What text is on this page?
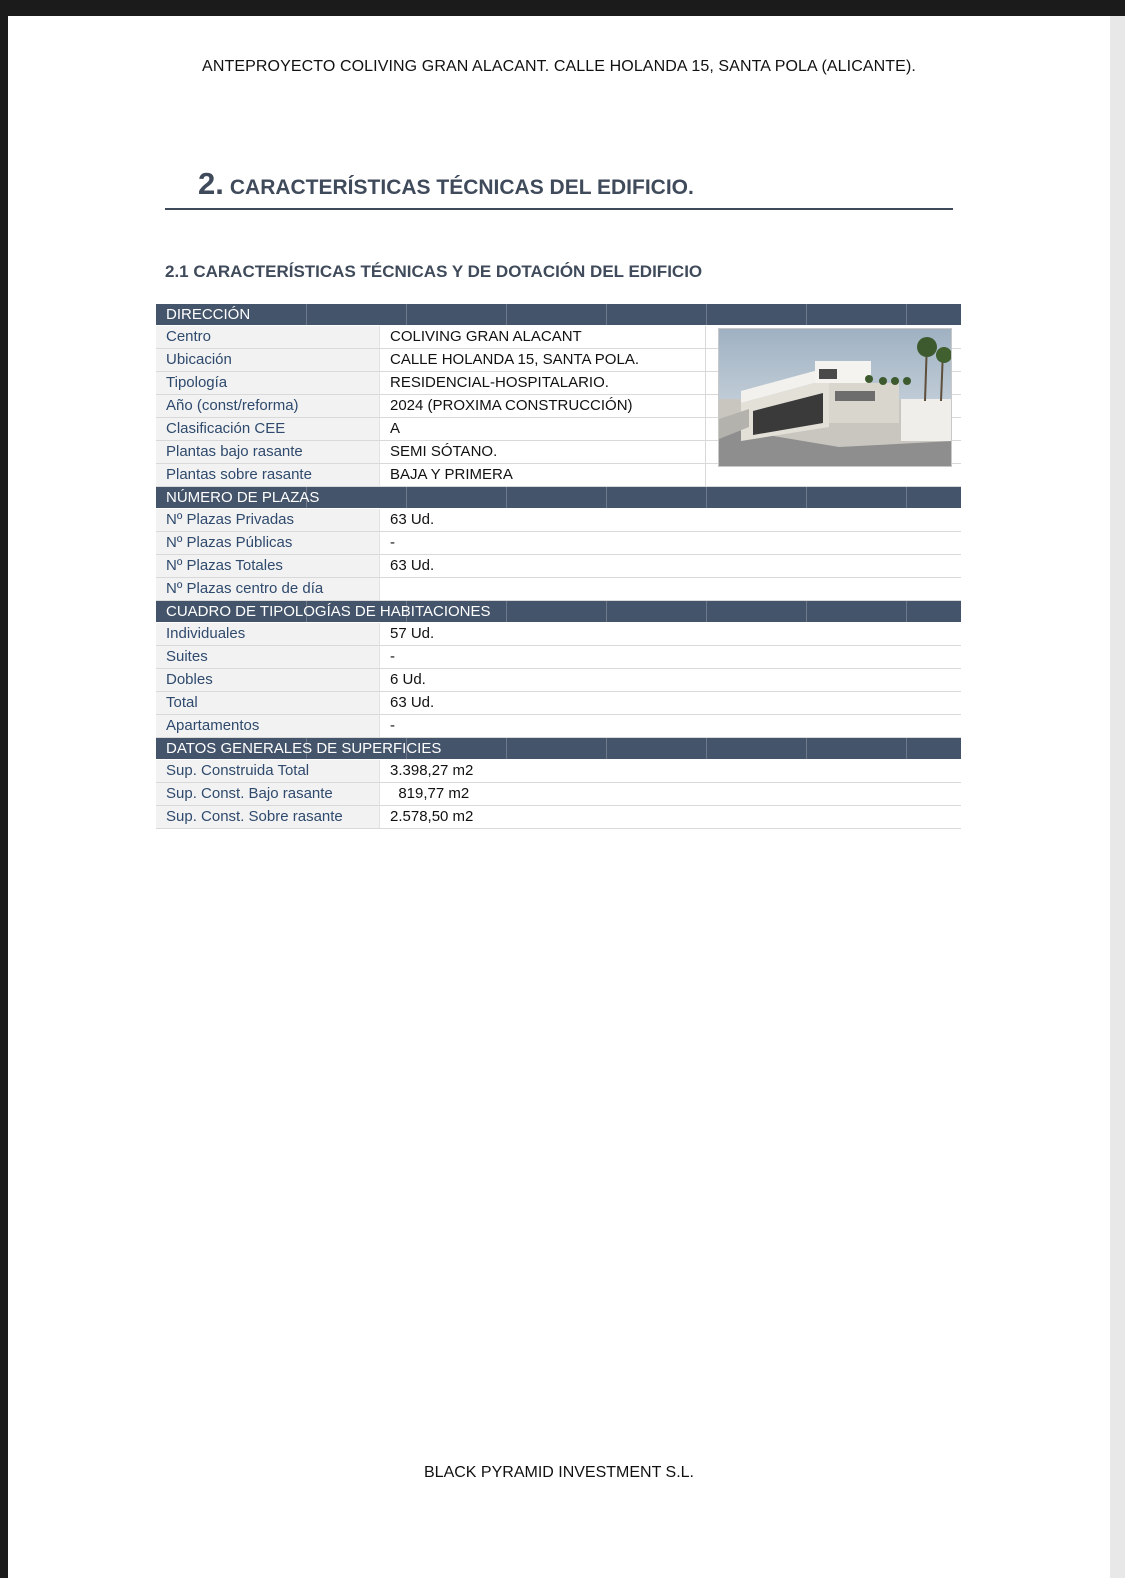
ANTEPROYECTO COLIVING GRAN ALACANT. CALLE HOLANDA 15, SANTA POLA (ALICANTE).
2. CARACTERÍSTICAS TÉCNICAS DEL EDIFICIO.
2.1 CARACTERÍSTICAS TÉCNICAS Y DE DOTACIÓN DEL EDIFICIO
DIRECCIÓN
Centro	COLIVING GRAN ALACANT
Ubicación	CALLE HOLANDA 15, SANTA POLA.
Tipología	RESIDENCIAL-HOSPITALARIO.
Año (const/reforma)	2024 (PROXIMA CONSTRUCCIÓN)
Clasificación CEE	A
Plantas bajo rasante	SEMI SÓTANO.
Plantas sobre rasante	BAJA Y PRIMERA
NÚMERO DE PLAZAS
Nº Plazas Privadas	63 Ud.
Nº Plazas Públicas	-
Nº Plazas Totales	63 Ud.
Nº Plazas centro de día
CUADRO DE TIPOLOGÍAS DE HABITACIONES
Individuales	57 Ud.
Suites	-
Dobles	6 Ud.
Total	63 Ud.
Apartamentos	-
DATOS GENERALES DE SUPERFICIES
Sup. Construida Total	3.398,27 m2
Sup. Const. Bajo rasante	819,77 m2
Sup. Const. Sobre rasante	2.578,50 m2
BLACK PYRAMID INVESTMENT S.L.
